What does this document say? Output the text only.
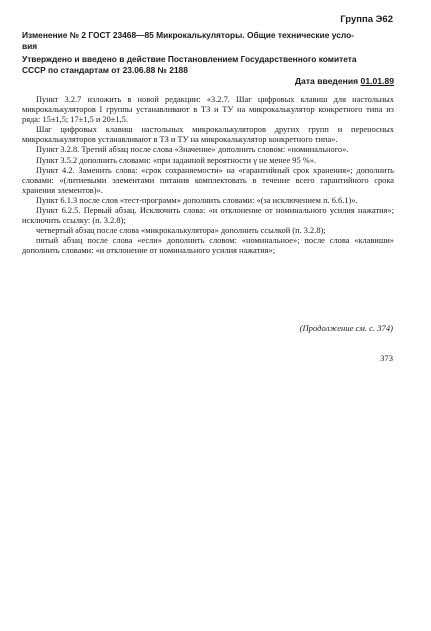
Группа Э62
Изменение № 2 ГОСТ 23468—85 Микрокалькуляторы. Общие технические усло-
вия
Утверждено и введено в действие Постановлением Государственного комитета
СССР по стандартам от 23.06.88 № 2188
Дата введения 01.01.89

Пункт 3.2.7 изложить в новой редакции: «3.2.7. Шаг цифровых клавиш для настольных микрокалькуляторов I группы устанавливают в ТЗ и ТУ на микрокалькулятор конкретного типа из ряда: 15±1,5; 17±1,5 и 20±1,5.

Шаг цифровых клавиш настольных микрокалькуляторов других групп и переносных микрокалькуляторов устанавливают в ТЗ и ТУ на микрокалькулятор конкретного типа».

Пункт 3.2.8. Третий абзац после слова «Значение» дополнить словом: «номинального».

Пункт 3.5.2 дополнить словами: «при заданной вероятности γ не менее 95 %».

Пункт 4.2. Заменить слова: «срок сохраняемости» на «гарантийный срок хранения»; дополнить словами: «(литиевыми элементами питания комплектовать в течение всего гарантийного срока хранения элементов)».

Пункт 6.1.3 после слов «тест-программ» дополнить словами: «(за исключением п. 6.6.1)».

Пункт 6.2.5. Первый абзац. Исключить слова: «и отклонение от номинального усилия нажатия»; исключить ссылку: (п. 3.2.8);

четвертый абзац после слова «микрокалькулятора» дополнить ссылкой (п. 3.2.8);

пятый абзац после слова «если» дополнить словом: «номинальное»; после слова «клавиши» дополнить словами: «и отклонение от номинального усилия нажатия»;

(Продолжение см. с. 374)
373
